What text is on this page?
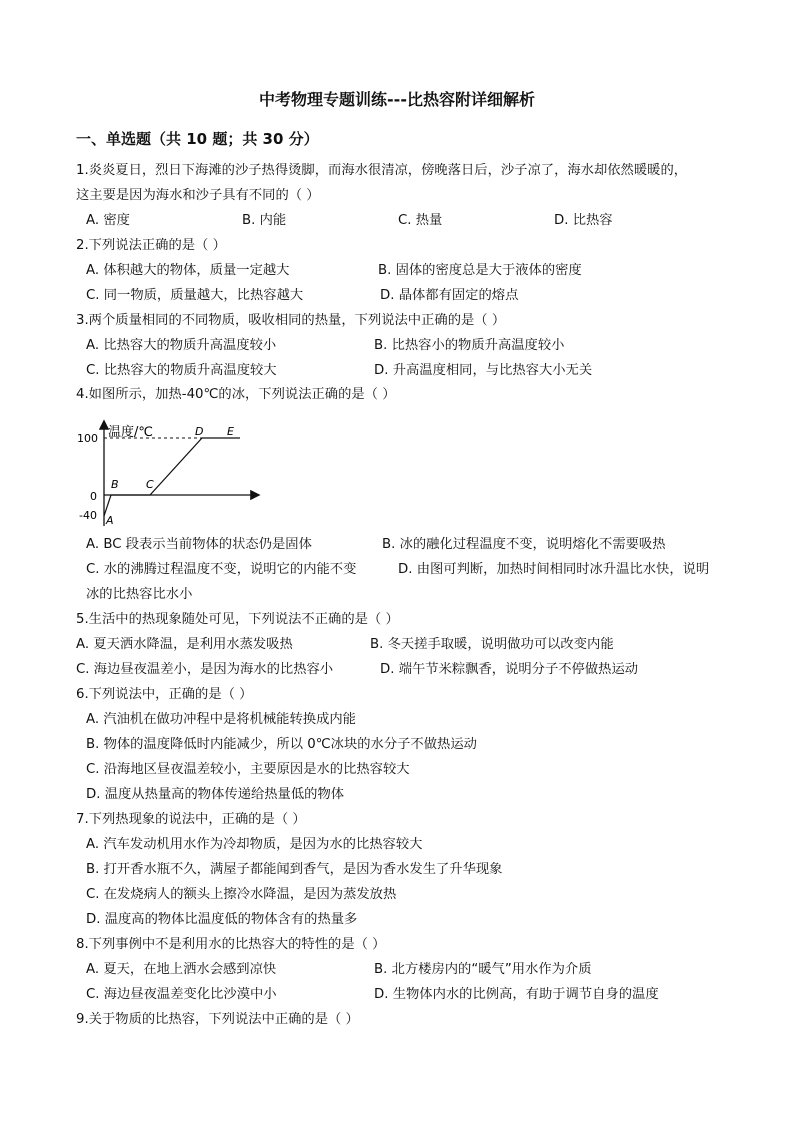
中考物理专题训练---比热容附详细解析
一、单选题（共 10 题；共 30 分）
1.炎炎夏日，烈日下海滩的沙子热得烫脚，而海水很清凉，傍晚落日后，沙子凉了，海水却依然暖暖的，
这主要是因为海水和沙子具有不同的（ ）
A. 密度	B. 内能	C. 热量	D. 比热容
2.下列说法正确的是（ ）
A. 体积越大的物体，质量一定越大	B. 固体的密度总是大于液体的密度
C. 同一物质，质量越大，比热容越大	D. 晶体都有固定的熔点
3.两个质量相同的不同物质，吸收相同的热量，下列说法中正确的是（ ）
A. 比热容大的物质升高温度较小	B. 比热容小的物质升高温度较小
C. 比热容大的物质升高温度较大	D. 升高温度相同，与比热容大小无关
4.如图所示，加热-40℃的冰，下列说法正确的是（ ）
温度/℃
100
0
-40 A
B C
D E
A. BC 段表示当前物体的状态仍是固体	B. 冰的融化过程温度不变，说明熔化不需要吸热
C. 水的沸腾过程温度不变，说明它的内能不变	D. 由图可判断，加热时间相同时冰升温比水快，说明
冰的比热容比水小
5.生活中的热现象随处可见，下列说法不正确的是（ ）
A. 夏天洒水降温，是利用水蒸发吸热	B. 冬天搓手取暖，说明做功可以改变内能
C. 海边昼夜温差小，是因为海水的比热容小	D. 端午节米粽飘香，说明分子不停做热运动
6.下列说法中，正确的是（ ）
A. 汽油机在做功冲程中是将机械能转换成内能
B. 物体的温度降低时内能减少，所以 0℃冰块的水分子不做热运动
C. 沿海地区昼夜温差较小，主要原因是水的比热容较大
D. 温度从热量高的物体传递给热量低的物体
7.下列热现象的说法中，正确的是（ ）
A. 汽车发动机用水作为冷却物质，是因为水的比热容较大
B. 打开香水瓶不久，满屋子都能闻到香气，是因为香水发生了升华现象
C. 在发烧病人的额头上擦冷水降温，是因为蒸发放热
D. 温度高的物体比温度低的物体含有的热量多
8.下列事例中不是利用水的比热容大的特性的是（ ）
A. 夏天，在地上洒水会感到凉快	B. 北方楼房内的“暖气”用水作为介质
C. 海边昼夜温差变化比沙漠中小	D. 生物体内水的比例高，有助于调节自身的温度
9.关于物质的比热容，下列说法中正确的是（ ）
